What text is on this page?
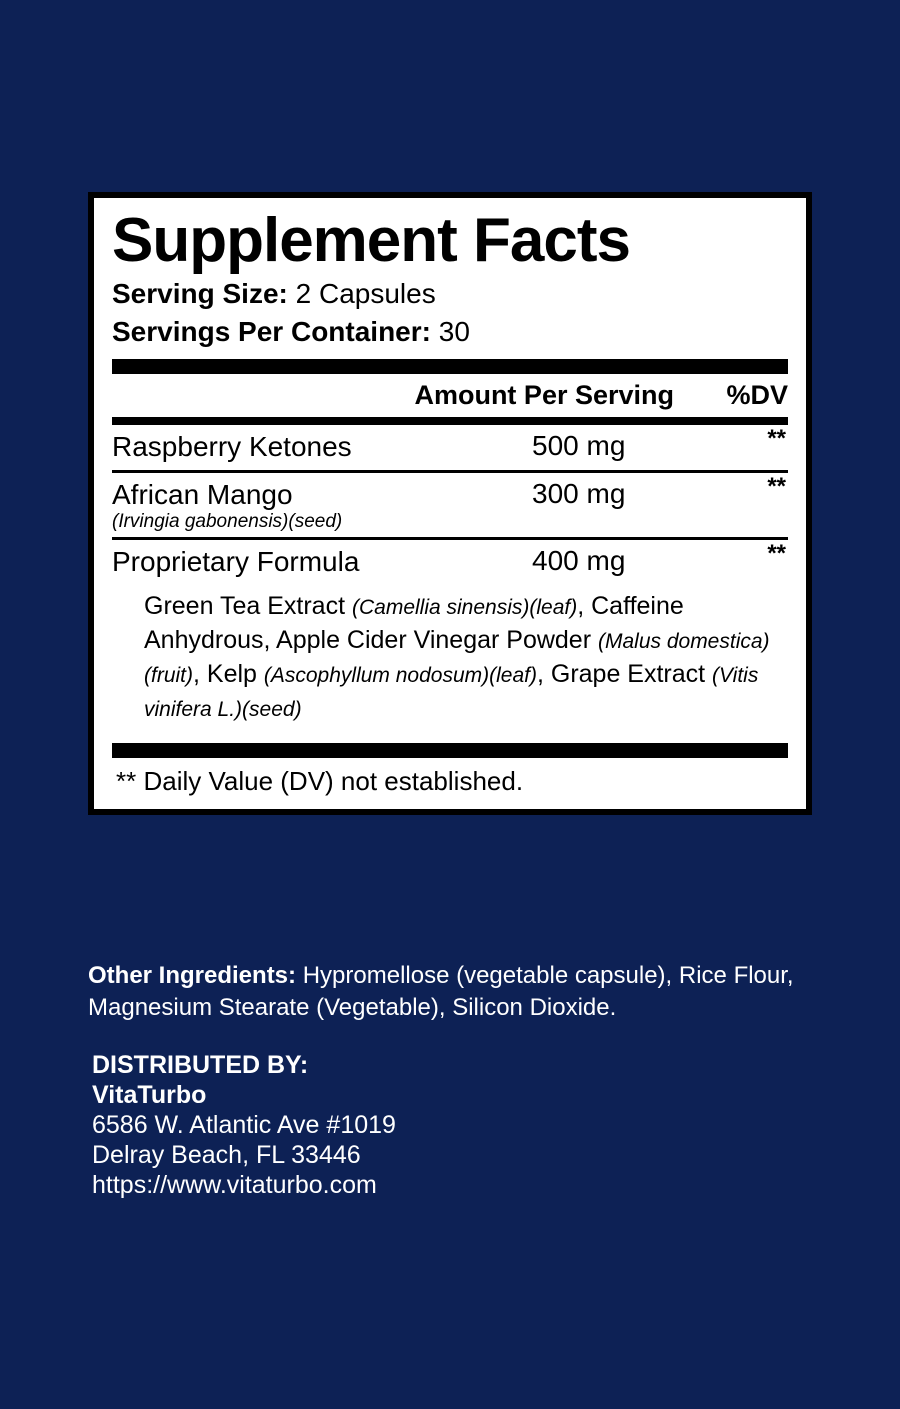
Supplement Facts
Serving Size: 2 Capsules
Servings Per Container: 30
Amount Per Serving	%DV
Raspberry Ketones	500 mg	**
African Mango
(Irvingia gabonensis)(seed)
300 mg	**
Proprietary Formula	400 mg	**
Green Tea Extract (Camellia sinensis)(leaf), Caffeine Anhydrous, Apple Cider Vinegar Powder (Malus domestica)(fruit), Kelp (Ascophyllum nodosum)(leaf), Grape Extract (Vitis vinifera L.)(seed)
** Daily Value (DV) not established.
Other Ingredients: Hypromellose (vegetable capsule), Rice Flour, Magnesium Stearate (Vegetable), Silicon Dioxide.
DISTRIBUTED BY:
VitaTurbo
6586 W. Atlantic Ave #1019
Delray Beach, FL 33446
https://www.vitaturbo.com
